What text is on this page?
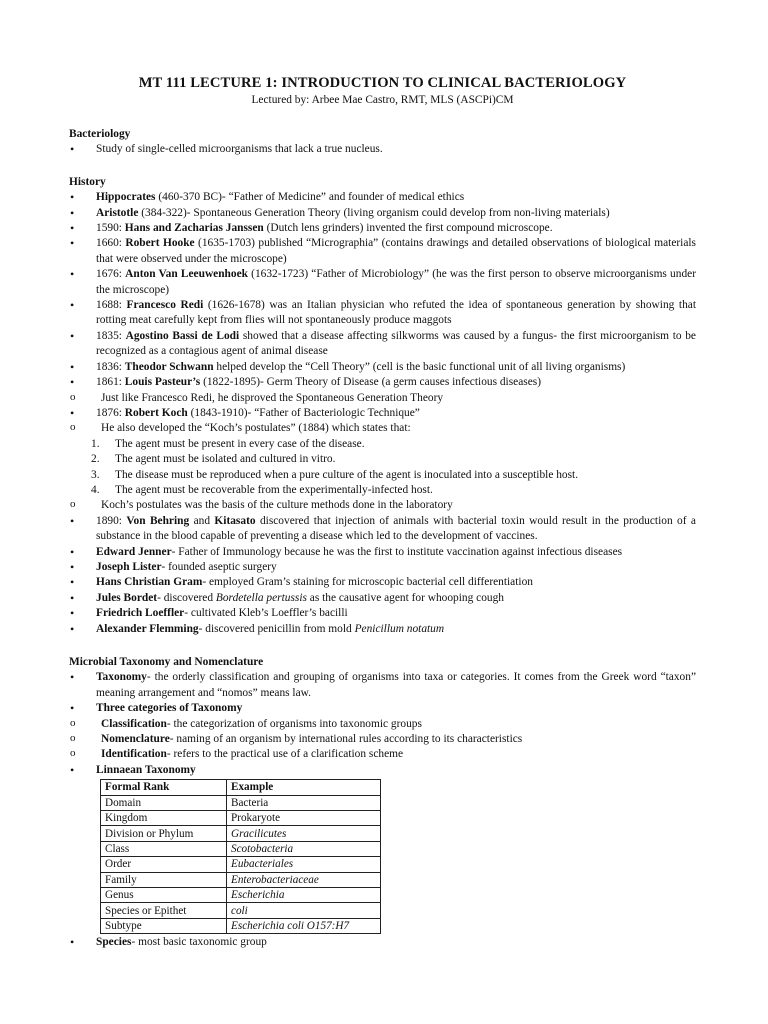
MT 111 LECTURE 1: INTRODUCTION TO CLINICAL BACTERIOLOGY
Lectured by: Arbee Mae Castro, RMT, MLS (ASCPi)CM
Bacteriology
• Study of single-celled microorganisms that lack a true nucleus.
History
• Hippocrates (460-370 BC)- “Father of Medicine” and founder of medical ethics
• Aristotle (384-322)- Spontaneous Generation Theory (living organism could develop from non-living materials)
• 1590: Hans and Zacharias Janssen (Dutch lens grinders) invented the first compound microscope.
• 1660: Robert Hooke (1635-1703) published “Micrographia” (contains drawings and detailed observations of biological materials that were observed under the microscope)
• 1676: Anton Van Leeuwenhoek (1632-1723) “Father of Microbiology” (he was the first person to observe microorganisms under the microscope)
• 1688: Francesco Redi (1626-1678) was an Italian physician who refuted the idea of spontaneous generation by showing that rotting meat carefully kept from flies will not spontaneously produce maggots
• 1835: Agostino Bassi de Lodi showed that a disease affecting silkworms was caused by a fungus- the first microorganism to be recognized as a contagious agent of animal disease
• 1836: Theodor Schwann helped develop the “Cell Theory” (cell is the basic functional unit of all living organisms)
• 1861: Louis Pasteur’s (1822-1895)- Germ Theory of Disease (a germ causes infectious diseases)
o Just like Francesco Redi, he disproved the Spontaneous Generation Theory
• 1876: Robert Koch (1843-1910)- “Father of Bacteriologic Technique”
o He also developed the “Koch’s postulates” (1884) which states that:
1. The agent must be present in every case of the disease.
2. The agent must be isolated and cultured in vitro.
3. The disease must be reproduced when a pure culture of the agent is inoculated into a susceptible host.
4. The agent must be recoverable from the experimentally-infected host.
o Koch’s postulates was the basis of the culture methods done in the laboratory
• 1890: Von Behring and Kitasato discovered that injection of animals with bacterial toxin would result in the production of a substance in the blood capable of preventing a disease which led to the development of vaccines.
• Edward Jenner- Father of Immunology because he was the first to institute vaccination against infectious diseases
• Joseph Lister- founded aseptic surgery
• Hans Christian Gram- employed Gram’s staining for microscopic bacterial cell differentiation
• Jules Bordet- discovered Bordetella pertussis as the causative agent for whooping cough
• Friedrich Loeffler- cultivated Kleb’s Loeffler’s bacilli
• Alexander Flemming- discovered penicillin from mold Penicillum notatum
Microbial Taxonomy and Nomenclature
• Taxonomy- the orderly classification and grouping of organisms into taxa or categories. It comes from the Greek word “taxon” meaning arrangement and “nomos” means law.
• Three categories of Taxonomy
o Classification- the categorization of organisms into taxonomic groups
o Nomenclature- naming of an organism by international rules according to its characteristics
o Identification- refers to the practical use of a clarification scheme
• Linnaean Taxonomy
Formal Rank	Example
Domain	Bacteria
Kingdom	Prokaryote
Division or Phylum	Gracilicutes
Class	Scotobacteria
Order	Eubacteriales
Family	Enterobacteriaceae
Genus	Escherichia
Species or Epithet	coli
Subtype	Escherichia coli O157:H7
• Species- most basic taxonomic group
